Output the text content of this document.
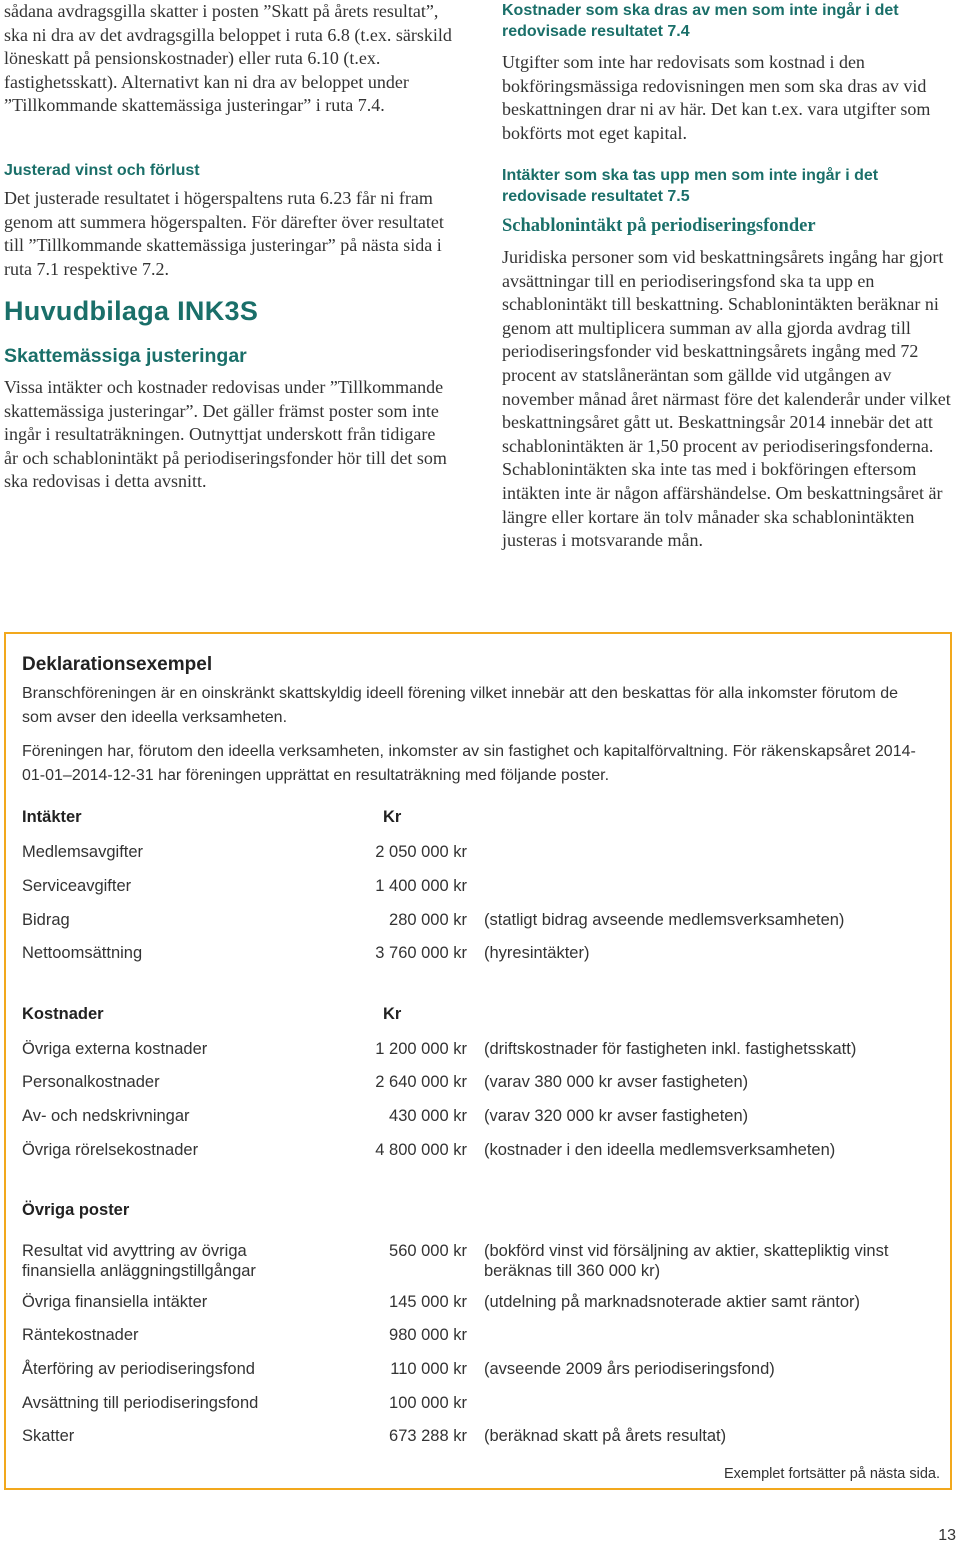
sådana avdragsgilla skatter i posten ”Skatt på årets resultat”, ska ni dra av det avdragsgilla beloppet i ruta 6.8 (t.ex. särskild löneskatt på pensionskostnader) eller ruta 6.10 (t.ex. fastighetsskatt). Alternativt kan ni dra av beloppet under ”Tillkommande skattemässiga justeringar” i ruta 7.4.

Justerad vinst och förlust

Det justerade resultatet i högerspaltens ruta 6.23 får ni fram genom att summera högerspalten. För därefter över resultatet till ”Tillkommande skattemässiga justeringar” på nästa sida i ruta 7.1 respektive 7.2.

Huvudbilaga INK3S

Skattemässiga justeringar

Vissa intäkter och kostnader redovisas under ”Tillkommande skattemässiga justeringar”. Det gäller främst poster som inte ingår i resultaträkningen. Outnyttjat underskott från tidigare år och schablonintäkt på periodiseringsfonder hör till det som ska redovisas i detta avsnitt.

Kostnader som ska dras av men som inte ingår i det redovisade resultatet 7.4

Utgifter som inte har redovisats som kostnad i den bokföringsmässiga redovisningen men som ska dras av vid beskattningen drar ni av här. Det kan t.ex. vara utgifter som bokförts mot eget kapital.

Intäkter som ska tas upp men som inte ingår i det redovisade resultatet 7.5

Schablonintäkt på periodiseringsfonder

Juridiska personer som vid beskattningsårets ingång har gjort avsättningar till en periodiseringsfond ska ta upp en schablonintäkt till beskattning. Schablonintäkten beräknar ni genom att multiplicera summan av alla gjorda avdrag till periodiseringsfonder vid beskattningsårets ingång med 72 procent av statslåneräntan som gällde vid utgången av november månad året närmast före det kalenderår under vilket beskattningsåret gått ut. Beskattningsår 2014 innebär det att schablonintäkten är 1,50 procent av periodiseringsfonderna. Schablonintäkten ska inte tas med i bokföringen eftersom intäkten inte är någon affärshändelse. Om beskattningsåret är längre eller kortare än tolv månader ska schablonintäkten justeras i motsvarande mån.

Deklarationsexempel

Branschföreningen är en oinskränkt skattskyldig ideell förening vilket innebär att den beskattas för alla inkomster förutom de som avser den ideella verksamheten.

Föreningen har, förutom den ideella verksamheten, inkomster av sin fastighet och kapitalförvaltning. För räkenskapsåret 2014-01-01–2014-12-31 har föreningen upprättat en resultaträkning med följande poster.

Intäkter	Kr
Medlemsavgifter	2 050 000 kr
Serviceavgifter	1 400 000 kr
Bidrag	280 000 kr (statligt bidrag avseende medlemsverksamheten)
Nettoomsättning	3 760 000 kr (hyresintäkter)
Kostnader	Kr
Övriga externa kostnader	1 200 000 kr (driftskostnader för fastigheten inkl. fastighetsskatt)
Personalkostnader	2 640 000 kr (varav 380 000 kr avser fastigheten)
Av- och nedskrivningar	430 000 kr (varav 320 000 kr avser fastigheten)
Övriga rörelsekostnader	4 800 000 kr (kostnader i den ideella medlemsverksamheten)
Övriga poster
Resultat vid avyttring av övriga finansiella anläggningstillgångar
560 000 kr (bokförd vinst vid försäljning av aktier, skattepliktig vinst beräknas till 360 000 kr)
Övriga finansiella intäkter	145 000 kr (utdelning på marknadsnoterade aktier samt räntor)
Räntekostnader	980 000 kr
Återföring av periodiseringsfond	110 000 kr (avseende 2009 års periodiseringsfond)
Avsättning till periodiseringsfond	100 000 kr
Skatter	673 288 kr (beräknad skatt på årets resultat)
Exemplet fortsätter på nästa sida.
13
